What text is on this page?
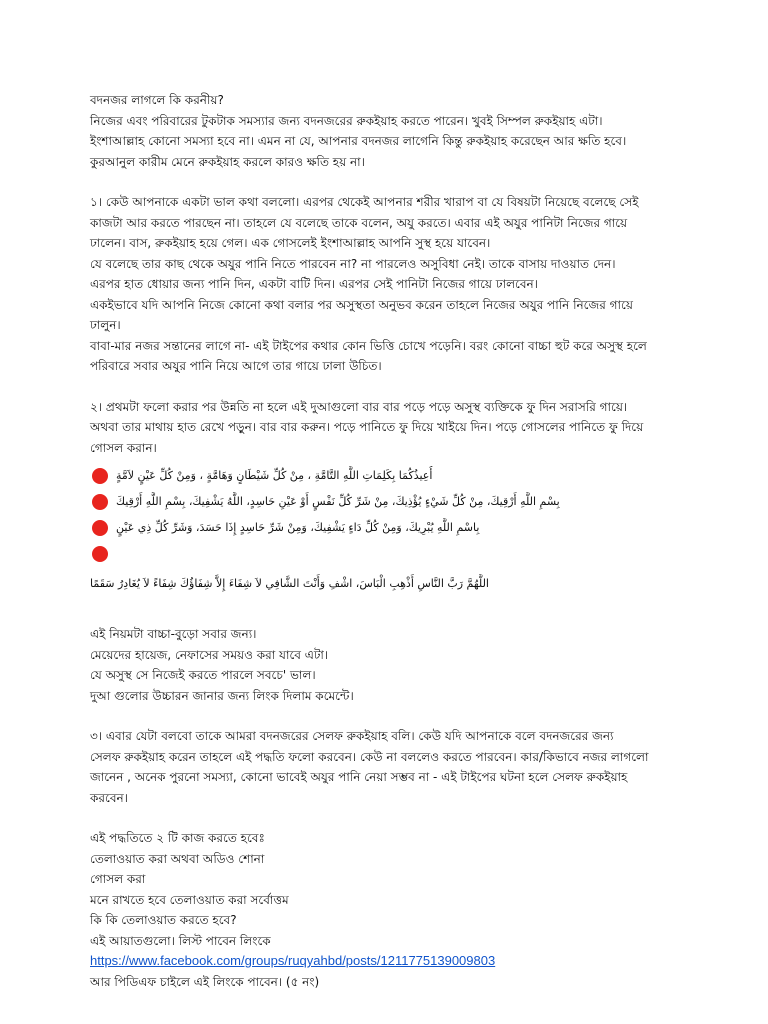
বদনজর লাগলে কি করনীয়?

নিজের এবং পরিবারের টুকটাক সমস্যার জন্য বদনজরের রুকইয়াহ করতে পারেন। খুবই সিম্পল রুকইয়াহ এটা।

ইংশাআল্লাহ কোনো সমস্যা হবে না। এমন না যে, আপনার বদনজর লাগেনি কিন্তু রুকইয়াহ করেছেন আর ক্ষতি হবে।

কুরআনুল কারীম মেনে রুকইয়াহ করলে কারও ক্ষতি হয় না।

১। কেউ আপনাকে একটা ভাল কথা বললো। এরপর থেকেই আপনার শরীর খারাপ বা যে বিষয়টা নিয়েছে বলেছে সেই

কাজটা আর করতে পারছেন না। তাহলে যে বলেছে তাকে বলেন, অযু করতে। এবার এই অযুর পানিটা নিজের গায়ে

ঢালেন। বাস, রুকইয়াহ হয়ে গেল। এক গোসলেই ইংশাআল্লাহ আপনি সুস্থ হয়ে যাবেন।

যে বলেছে তার কাছ থেকে অযুর পানি নিতে পারবেন না? না পারলেও অসুবিধা নেই। তাকে বাসায় দাওয়াত দেন।

এরপর হাত ধোয়ার জন্য পানি দিন, একটা বাটি দিন। এরপর সেই পানিটা নিজের গায়ে ঢালবেন।

একইভাবে যদি আপনি নিজে কোনো কথা বলার পর অসুস্থতা অনুভব করেন তাহলে নিজের অযুর পানি নিজের গায়ে

ঢালুন।

বাবা-মার নজর সন্তানের লাগে না- এই টাইপের কথার কোন ভিত্তি চোখে পড়েনি। বরং কোনো বাচ্চা হুট করে অসুস্থ হলে

পরিবারে সবার অযুর পানি নিয়ে আগে তার গায়ে ঢালা উচিত।

২। প্রথমটা ফলো করার পর উন্নতি না হলে এই দুআগুলো বার বার পড়ে পড়ে অসুস্থ ব্যক্তিকে ফু দিন সরাসরি গায়ে।

অথবা তার মাথায় হাত রেখে পড়ুন। বার বার করুন। পড়ে পানিতে ফু দিয়ে খাইয়ে দিন। পড়ে গোসলের পানিতে ফু দিয়ে

গোসল করান।

أُعِيذُكُمَا بِكَلِمَاتِ اللَّهِ التَّامَّةِ ، مِنْ كُلِّ شَيْطَانٍ وَهَامَّةٍ ، وَمِنْ كُلِّ عَيْنٍ لاَمَّةٍ
بِسْمِ اللَّهِ أَرْقِيكَ، مِنْ كُلِّ شَيْءٍ يُؤْذِيكَ، مِنْ شَرِّ كُلِّ نَفْسٍ أَوْ عَيْنِ حَاسِدٍ، اللَّهُ يَشْفِيكَ، بِسْمِ اللَّهِ أَرْقِيكَ
بِاسْمِ اللَّهِ يُبْرِيكَ، وَمِنْ كُلِّ دَاءٍ يَشْفِيكَ، وَمِنْ شَرِّ حَاسِدٍ إِذَا حَسَدَ، وَشَرِّ كُلِّ ذِي عَيْنٍ
اللَّهُمَّ رَبَّ النَّاسِ أَذْهِبِ الْبَاسَ، اشْفِ وَأَنْتَ الشَّافِي لاَ شِفَاءَ إِلاَّ شِفَاؤُكَ شِفَاءً لاَ يُغَادِرُ سَقَمًا

এই নিয়মটা বাচ্চা-বুড়ো সবার জন্য।

মেয়েদের হায়েজ, নেফাসের সময়ও করা যাবে এটা।

যে অসুস্থ সে নিজেই করতে পারলে সবচে' ভাল।

দুআ গুলোর উচ্চারন জানার জন্য লিংক দিলাম কমেন্টে।

৩। এবার যেটা বলবো তাকে আমরা বদনজরের সেলফ রুকইয়াহ বলি। কেউ যদি আপনাকে বলে বদনজরের জন্য

সেলফ রুকইয়াহ করেন তাহলে এই পদ্ধতি ফলো করবেন। কেউ না বললেও করতে পারবেন। কার/কিভাবে নজর লাগলো

জানেন , অনেক পুরনো সমস্যা, কোনো ভাবেই অযুর পানি নেয়া সম্ভব না - এই টাইপের ঘটনা হলে সেলফ রুকইয়াহ

করবেন।

এই পদ্ধতিতে ২ টি কাজ করতে হবেঃ

তেলাওয়াত করা অথবা অডিও শোনা

গোসল করা

মনে রাখতে হবে তেলাওয়াত করা সর্বোত্তম

কি কি তেলাওয়াত করতে হবে?

এই আয়াতগুলো। লিস্ট পাবেন লিংকে

https://www.facebook.com/groups/ruqyahbd/posts/1211775139009803

আর পিডিএফ চাইলে এই লিংকে পাবেন। (৫ নং)
